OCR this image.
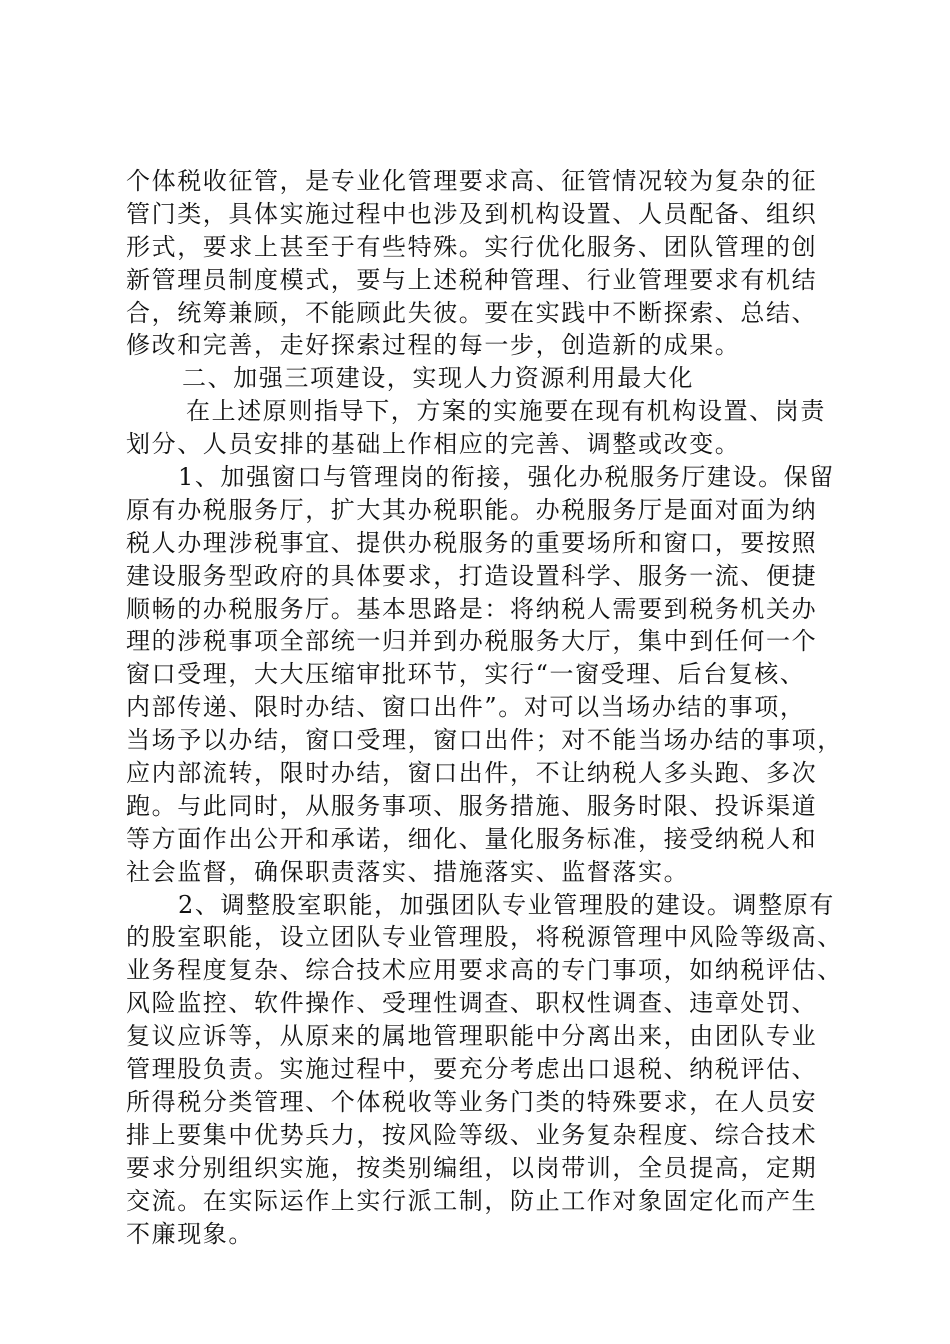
个体税收征管，是专业化管理要求高、征管情况较为复杂的征
管门类，具体实施过程中也涉及到机构设置、人员配备、组织
形式，要求上甚至于有些特殊。实行优化服务、团队管理的创
新管理员制度模式，要与上述税种管理、行业管理要求有机结
合，统筹兼顾，不能顾此失彼。要在实践中不断探索、总结、
修改和完善，走好探索过程的每一步，创造新的成果。
二、加强三项建设，实现人力资源利用最大化
在上述原则指导下，方案的实施要在现有机构设置、岗责
划分、人员安排的基础上作相应的完善、调整或改变。
1、加强窗口与管理岗的衔接，强化办税服务厅建设。保留
原有办税服务厅，扩大其办税职能。办税服务厅是面对面为纳
税人办理涉税事宜、提供办税服务的重要场所和窗口，要按照
建设服务型政府的具体要求，打造设置科学、服务一流、便捷
顺畅的办税服务厅。基本思路是：将纳税人需要到税务机关办
理的涉税事项全部统一归并到办税服务大厅，集中到任何一个
窗口受理，大大压缩审批环节，实行“一窗受理、后台复核、
内部传递、限时办结、窗口出件”。对可以当场办结的事项，
当场予以办结，窗口受理，窗口出件；对不能当场办结的事项，
应内部流转，限时办结，窗口出件，不让纳税人多头跑、多次
跑。与此同时，从服务事项、服务措施、服务时限、投诉渠道
等方面作出公开和承诺，细化、量化服务标准，接受纳税人和
社会监督，确保职责落实、措施落实、监督落实。
2、调整股室职能，加强团队专业管理股的建设。调整原有
的股室职能，设立团队专业管理股，将税源管理中风险等级高、
业务程度复杂、综合技术应用要求高的专门事项，如纳税评估、
风险监控、软件操作、受理性调查、职权性调查、违章处罚、
复议应诉等，从原来的属地管理职能中分离出来，由团队专业
管理股负责。实施过程中，要充分考虑出口退税、纳税评估、
所得税分类管理、个体税收等业务门类的特殊要求，在人员安
排上要集中优势兵力，按风险等级、业务复杂程度、综合技术
要求分别组织实施，按类别编组，以岗带训，全员提高，定期
交流。在实际运作上实行派工制，防止工作对象固定化而产生
不廉现象。
